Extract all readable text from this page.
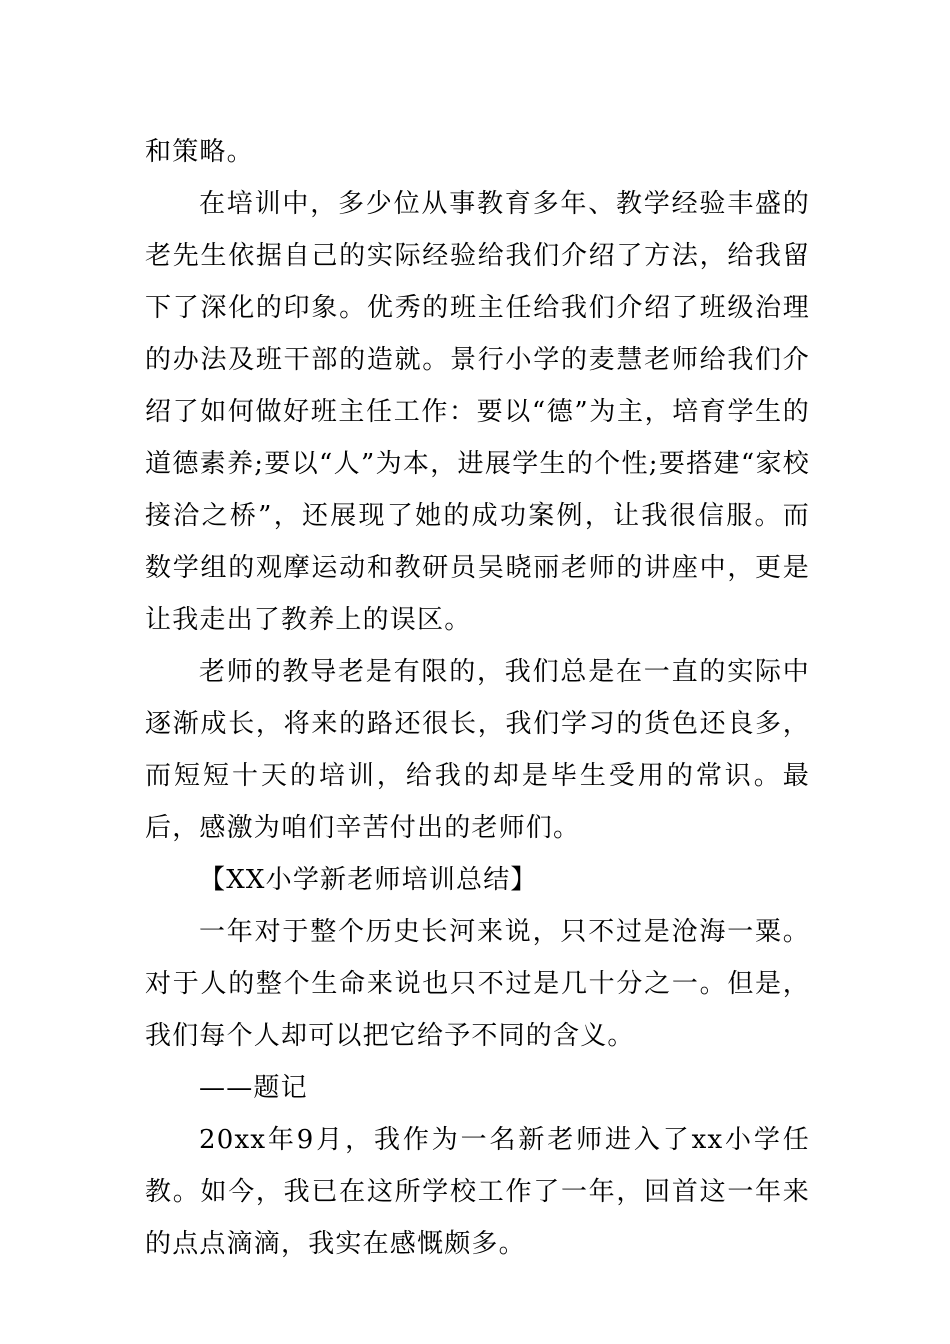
和策略。

在培训中，多少位从事教育多年、教学经验丰盛的老先生依据自己的实际经验给我们介绍了方法，给我留下了深化的印象。优秀的班主任给我们介绍了班级治理的办法及班干部的造就。景行小学的麦慧老师给我们介绍了如何做好班主任工作：要以“德”为主，培育学生的道德素养;要以“人”为本，进展学生的个性;要搭建“家校接洽之桥”，还展现了她的成功案例，让我很信服。而数学组的观摩运动和教研员吴晓丽老师的讲座中，更是让我走出了教养上的误区。

老师的教导老是有限的，我们总是在一直的实际中逐渐成长，将来的路还很长，我们学习的货色还良多，而短短十天的培训，给我的却是毕生受用的常识。最后，感激为咱们辛苦付出的老师们。

【XX小学新老师培训总结】

一年对于整个历史长河来说，只不过是沧海一粟。对于人的整个生命来说也只不过是几十分之一。但是，我们每个人却可以把它给予不同的含义。

——题记

20xx年9月，我作为一名新老师进入了xx小学任教。如今，我已在这所学校工作了一年，回首这一年来的点点滴滴，我实在感慨颇多。
